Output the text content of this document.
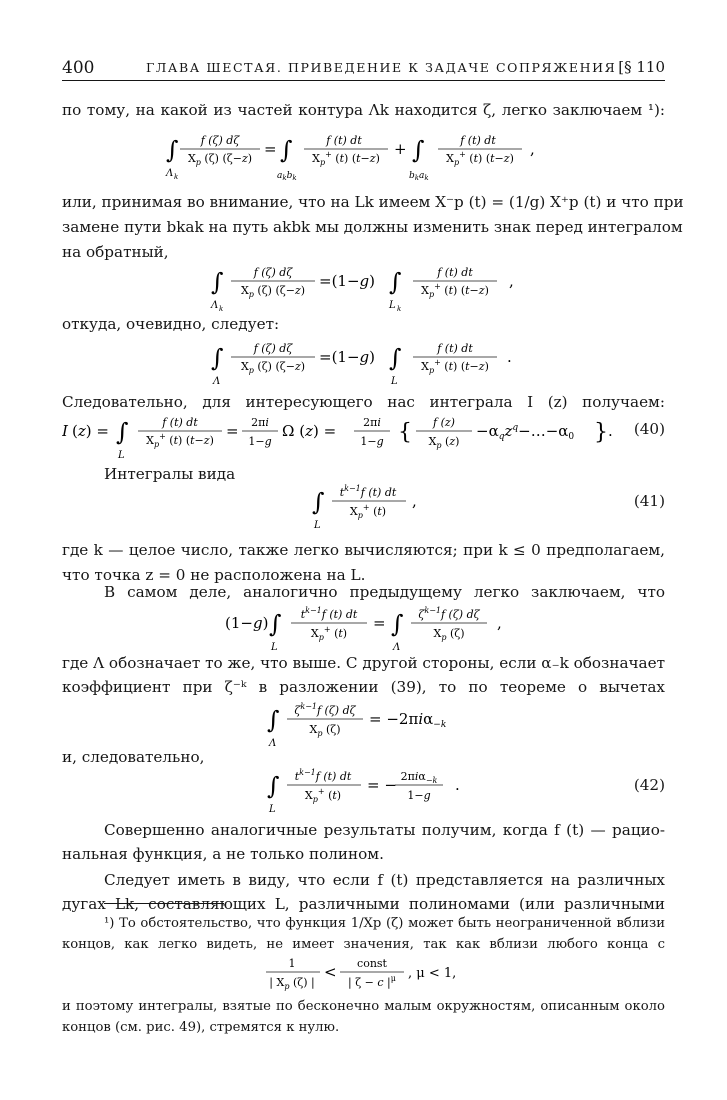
400	ГЛАВА ШЕСТАЯ. ПРИВЕДЕНИЕ К ЗАДАЧЕ СОПРЯЖЕНИЯ [§ 110
по тому, на какой из частей контура Λk находится ζ, легко заключаем ¹):
∫
Λ k
f (ζ) dζ
$X_p$ (ζ) (ζ−z)
= ∫
$a_kb_k$
f (t) dt
$X_p^+$ (t) (t−z)
+ ∫
$b_ka_k$
f (t) dt
$X_p^+$ (t) (t−z)
,
или, принимая во внимание, что на Lk имеем X⁻p (t) = (1/g) X⁺p (t) и что при
замене пути bkak на путь akbk мы должны изменить знак перед интегралом
на обратный,
∫
Λ k
f (ζ) dζ
$X_p$ (ζ) (ζ−z)
=(1−g) ∫
L k
f (t) dt
$X_p^+$ (t) (t−z)
,
откуда, очевидно, следует:
∫
Λ
f (ζ) dζ
$X_p$ (ζ) (ζ−z)
=(1−g) ∫
L
f (t) dt
$X_p^+$ (t) (t−z)
.
Следовательно, для интересующего нас интеграла I (z) получаем:
I (z) = ∫
L
f (t) dt
$X_p^+$ (t) (t−z)
= 2πi
1−g
Ω (z) = 2πi
1−g { f (z)
$X_p$ (z)
$-\alpha_qz^q-\dots-\alpha_0$ } . (40)
Интегралы вида
∫
L
$t^{k-1}f$ (t) dt
$X_p^+$ (t)
,	(41)
где k — целое число, также легко вычисляются; при k ≤ 0 предполагаем,
что точка z = 0 не расположена на L.
В самом деле, аналогично предыдущему легко заключаем, что
(1−g) ∫
L
$t^{k-1}f$ (t) dt
$X_p^+$ (t)
= ∫
Λ
$\zeta^{k-1}f$ (ζ) dζ
$X_p$ (ζ)
,
где Λ обозначает то же, что выше. С другой стороны, если α₋k обозначает
коэффициент при ζ⁻ᵏ в разложении (39), то по теореме о вычетах
∫
Λ
$\zeta^{k-1}f$ (ζ) dζ
$X_p$ (ζ)
= −2πiα$_{-k}$
и, следовательно,
∫
L
$t^{k-1}f$ (t) dt
$X_p^+$ (t)
= − 2πiα$_{-k}$
1−g
.	(42)
Совершенно аналогичные результаты получим, когда f (t) — рацио-
нальная функция, а не только полином.
Следует иметь в виду, что если f (t) представляется на различных
дугах Lk, составляющих L, различными полиномами (или различными
¹) То обстоятельство, что функция 1/Xp (ζ) может быть неограниченной вблизи
концов, как легко видеть, не имеет значения, так как вблизи любого конца c
1
| $X_p$ (ζ) |
< const
| ζ − c $|^\mu$ , μ < 1,
и поэтому интегралы, взятые по бесконечно малым окружностям, описанным около
концов (см. рис. 49), стремятся к нулю.
